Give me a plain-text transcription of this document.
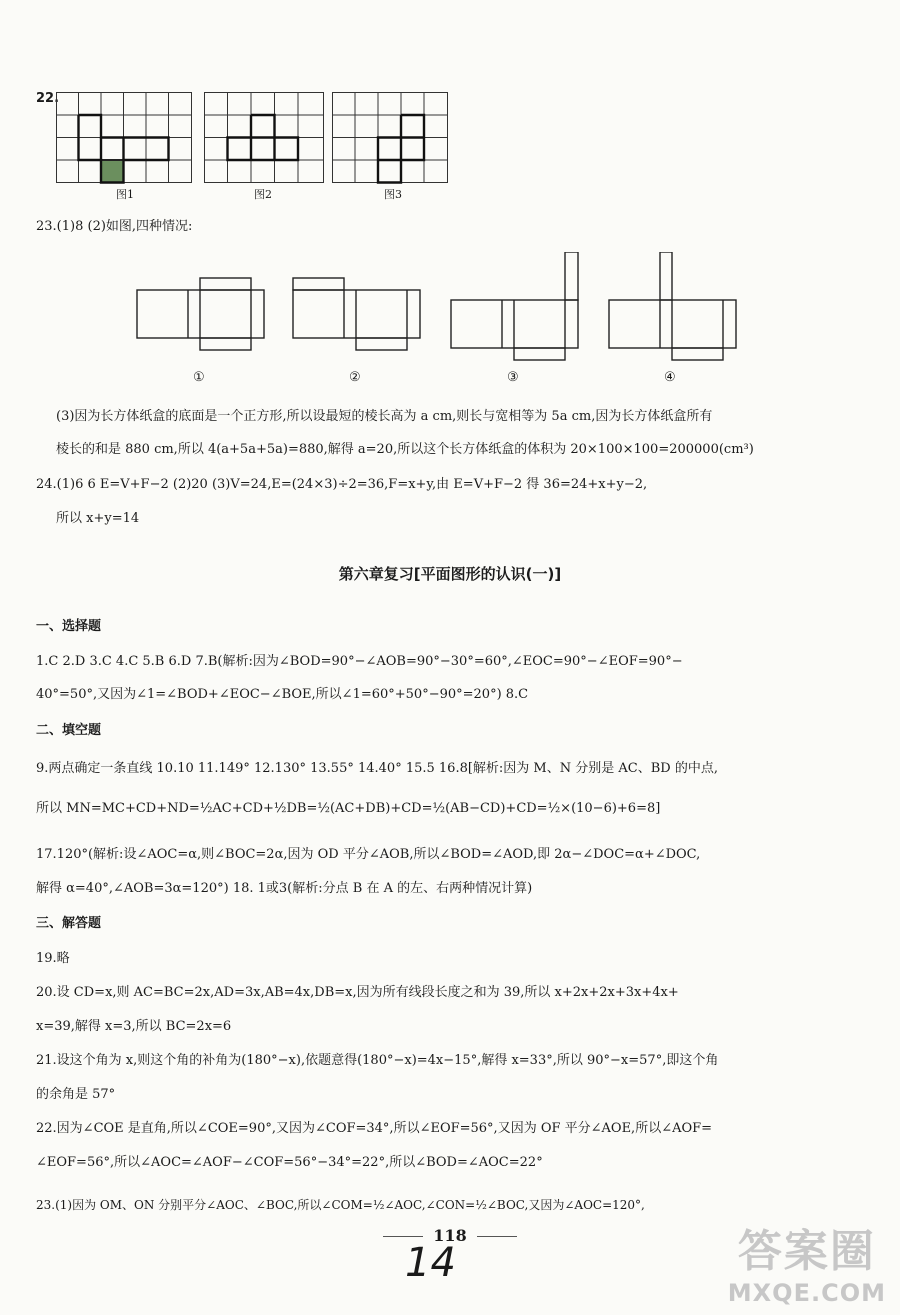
22.
图1	图2	图3
23.(1)8 (2)如图,四种情况:
①	②	③	④
(3)因为长方体纸盒的底面是一个正方形,所以设最短的棱长高为 a cm,则长与宽相等为 5a cm,因为长方体纸盒所有
棱长的和是 880 cm,所以 4(a+5a+5a)=880,解得 a=20,所以这个长方体纸盒的体积为 20×100×100=200000(cm³)
24.(1)6 6 E=V+F−2 (2)20 (3)V=24,E=(24×3)÷2=36,F=x+y,由 E=V+F−2 得 36=24+x+y−2,
所以 x+y=14
第六章复习[平面图形的认识(一)]
一、选择题
1.C 2.D 3.C 4.C 5.B 6.D 7.B(解析:因为∠BOD=90°−∠AOB=90°−30°=60°,∠EOC=90°−∠EOF=90°−
40°=50°,又因为∠1=∠BOD+∠EOC−∠BOE,所以∠1=60°+50°−90°=20°) 8.C
二、填空题
9.两点确定一条直线 10.10 11.149° 12.130° 13.55° 14.40° 15.5 16.8[解析:因为 M、N 分别是 AC、BD 的中点,
所以 MN=MC+CD+ND=½AC+CD+½DB=½(AC+DB)+CD=½(AB−CD)+CD=½×(10−6)+6=8]
17.120°(解析:设∠AOC=α,则∠BOC=2α,因为 OD 平分∠AOB,所以∠BOD=∠AOD,即 2α−∠DOC=α+∠DOC,
解得 α=40°,∠AOB=3α=120°) 18. 1或3(解析:分点 B 在 A 的左、右两种情况计算)
三、解答题
19.略
20.设 CD=x,则 AC=BC=2x,AD=3x,AB=4x,DB=x,因为所有线段长度之和为 39,所以 x+2x+2x+3x+4x+
x=39,解得 x=3,所以 BC=2x=6
21.设这个角为 x,则这个角的补角为(180°−x),依题意得(180°−x)=4x−15°,解得 x=33°,所以 90°−x=57°,即这个角
的余角是 57°
22.因为∠COE 是直角,所以∠COE=90°,又因为∠COF=34°,所以∠EOF=56°,又因为 OF 平分∠AOE,所以∠AOF=
∠EOF=56°,所以∠AOC=∠AOF−∠COF=56°−34°=22°,所以∠BOD=∠AOC=22°
23.(1)因为 OM、ON 分别平分∠AOC、∠BOC,所以∠COM=½∠AOC,∠CON=½∠BOC,又因为∠AOC=120°,
118
14	答案圈
MXQE.COM
